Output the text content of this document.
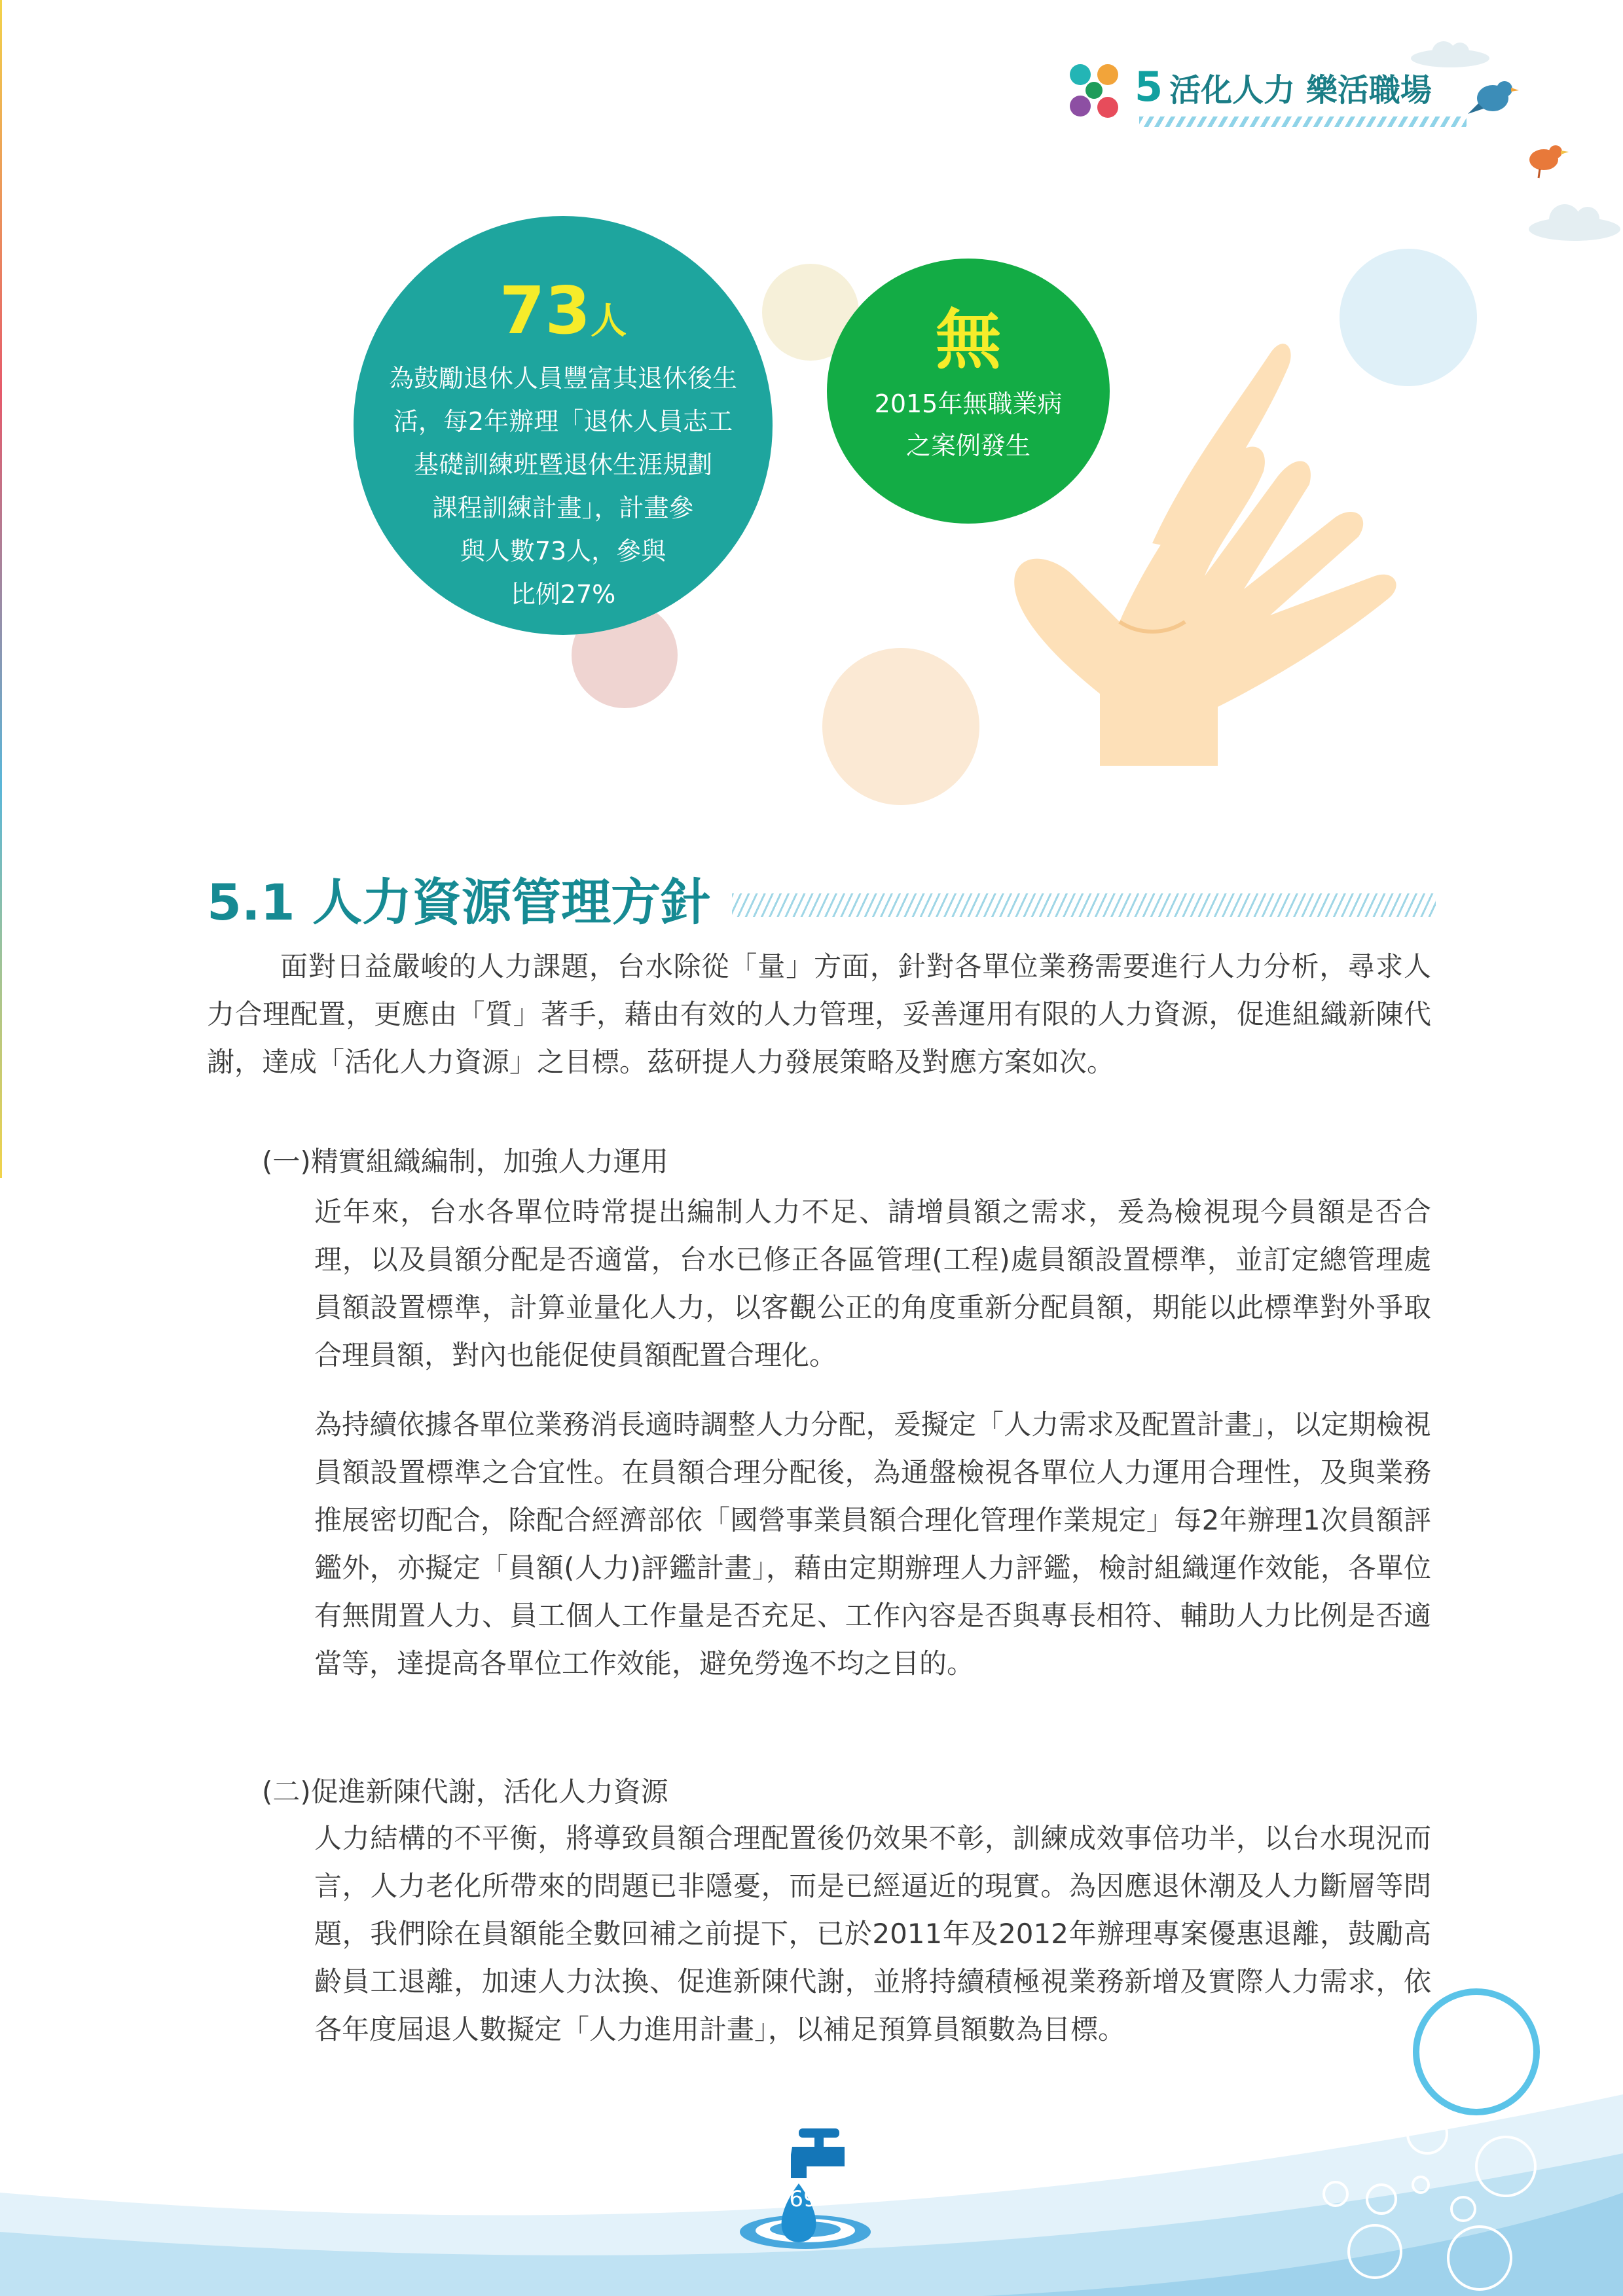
5 活化人力 樂活職場
73人
為鼓勵退休人員豐富其退休後生
活，每2年辦理「退休人員志工
基礎訓練班暨退休生涯規劃
課程訓練計畫」，計畫參
與人數73人，參與
比例27%
無
2015年無職業病
之案例發生
5.1 人力資源管理方針

面對日益嚴峻的人力課題，台水除從「量」方面，針對各單位業務需要進行人力分析，尋求人力合理配置，更應由「質」著手，藉由有效的人力管理，妥善運用有限的人力資源，促進組織新陳代謝，達成「活化人力資源」之目標。茲研提人力發展策略及對應方案如次。

(一)精實組織編制，加強人力運用

近年來，台水各單位時常提出編制人力不足、請增員額之需求，爰為檢視現今員額是否合理，以及員額分配是否適當，台水已修正各區管理(工程)處員額設置標準，並訂定總管理處員額設置標準，計算並量化人力，以客觀公正的角度重新分配員額，期能以此標準對外爭取合理員額，對內也能促使員額配置合理化。

為持續依據各單位業務消長適時調整人力分配，爰擬定「人力需求及配置計畫」，以定期檢視員額設置標準之合宜性。在員額合理分配後，為通盤檢視各單位人力運用合理性，及與業務推展密切配合，除配合經濟部依「國營事業員額合理化管理作業規定」每2年辦理1次員額評鑑外，亦擬定「員額(人力)評鑑計畫」，藉由定期辦理人力評鑑，檢討組織運作效能，各單位有無閒置人力、員工個人工作量是否充足、工作內容是否與專長相符、輔助人力比例是否適當等，達提高各單位工作效能，避免勞逸不均之目的。

(二)促進新陳代謝，活化人力資源

人力結構的不平衡，將導致員額合理配置後仍效果不彰，訓練成效事倍功半，以台水現況而言，人力老化所帶來的問題已非隱憂，而是已經逼近的現實。為因應退休潮及人力斷層等問題，我們除在員額能全數回補之前提下，已於2011年及2012年辦理專案優惠退離，鼓勵高齡員工退離，加速人力汰換、促進新陳代謝，並將持續積極視業務新增及實際人力需求，依各年度屆退人數擬定「人力進用計畫」，以補足預算員額數為目標。

69
